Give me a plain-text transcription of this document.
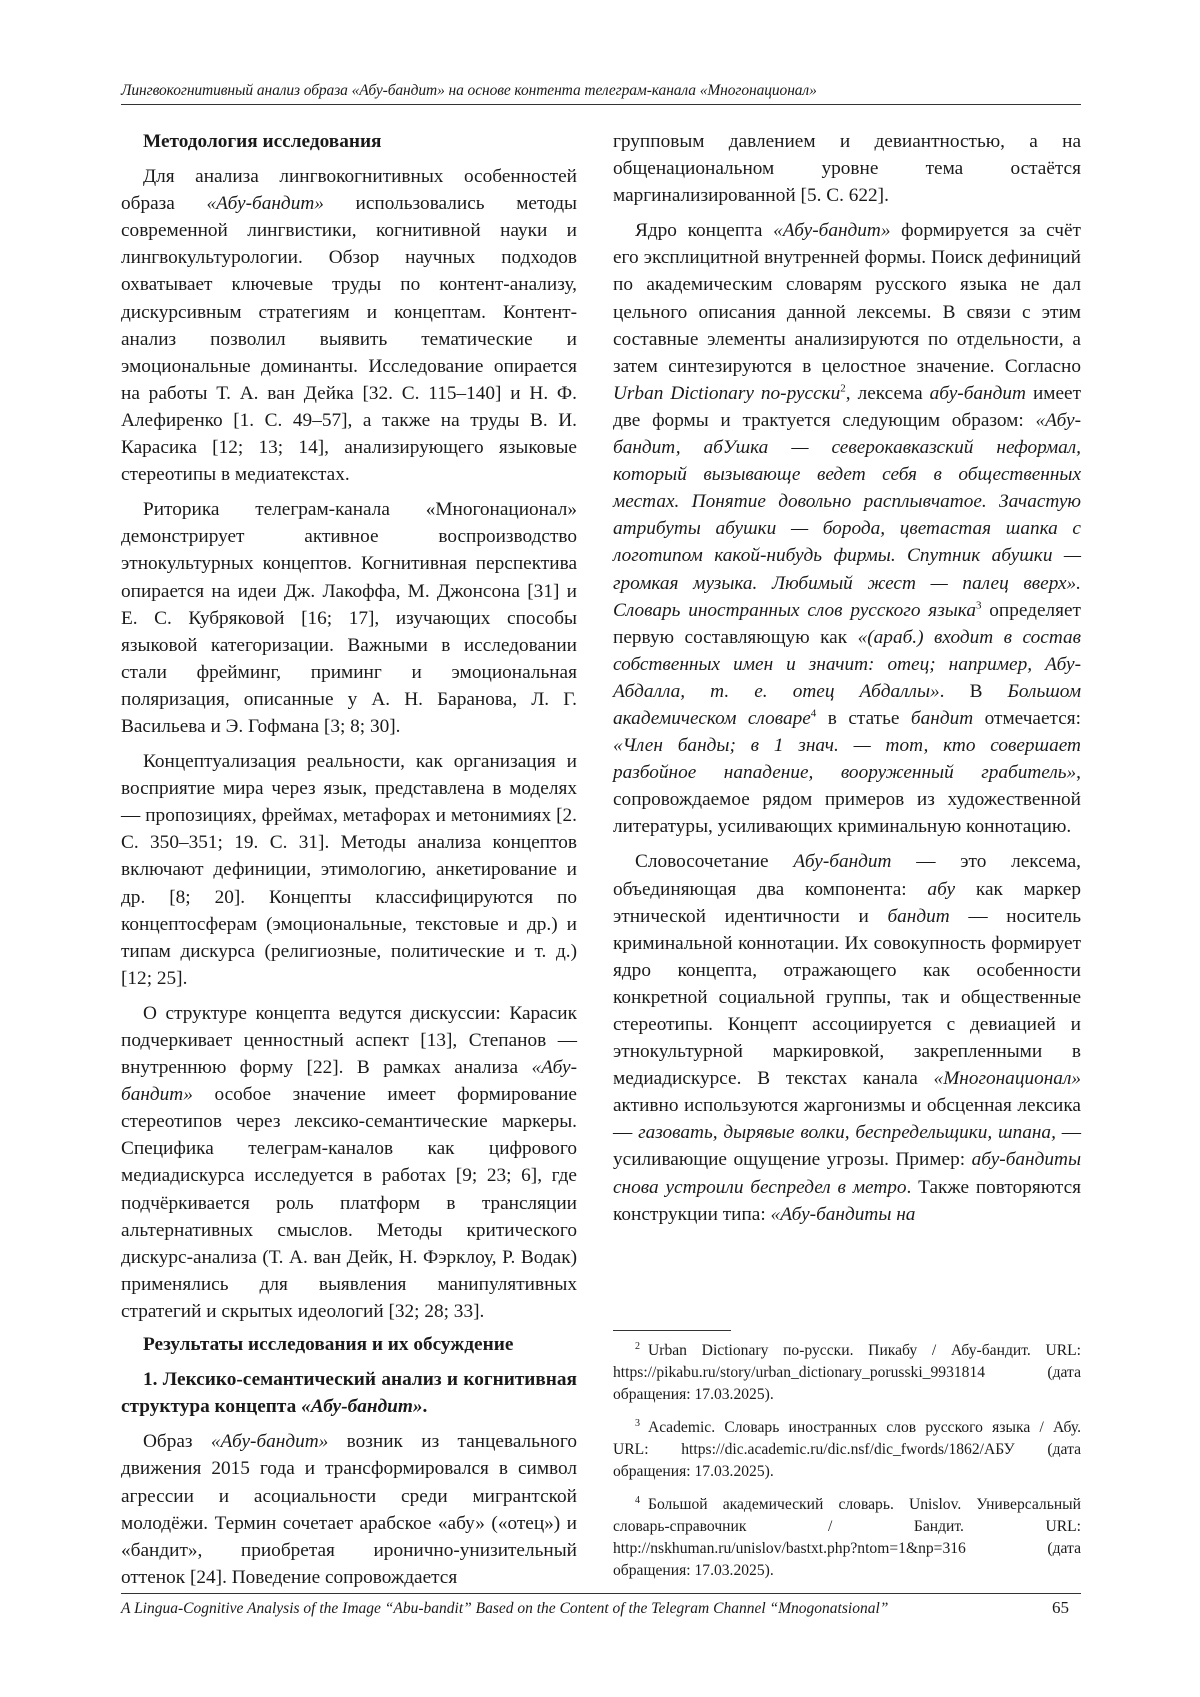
Лингвокогнитивный анализ образа «Абу-бандит» на основе контента телеграм-канала «Многонационал»

Методология исследования

Для анализа лингвокогнитивных особенностей образа «Абу-бандит» использовались методы современной лингвистики, когнитивной науки и лингвокультурологии. Обзор научных подходов охватывает ключевые труды по контент-анализу, дискурсивным стратегиям и концептам. Контент-анализ позволил выявить тематические и эмоциональные доминанты. Исследование опирается на работы Т. А. ван Дейка [32. С. 115–140] и Н. Ф. Алефиренко [1. С. 49–57], а также на труды В. И. Карасика [12; 13; 14], анализирующего языковые стереотипы в медиатекстах.

Риторика телеграм-канала «Многонационал» демонстрирует активное воспроизводство этнокультурных концептов. Когнитивная перспектива опирается на идеи Дж. Лакоффа, М. Джонсона [31] и Е. С. Кубряковой [16; 17], изучающих способы языковой категоризации. Важными в исследовании стали фрейминг, приминг и эмоциональная поляризация, описанные у А. Н. Баранова, Л. Г. Васильева и Э. Гофмана [3; 8; 30].

Концептуализация реальности, как организация и восприятие мира через язык, представлена в моделях — пропозициях, фреймах, метафорах и метонимиях [2. С. 350–351; 19. С. 31]. Методы анализа концептов включают дефиниции, этимологию, анкетирование и др. [8; 20]. Концепты классифицируются по концептосферам (эмоциональные, текстовые и др.) и типам дискурса (религиозные, политические и т. д.) [12; 25].

О структуре концепта ведутся дискуссии: Карасик подчеркивает ценностный аспект [13], Степанов — внутреннюю форму [22]. В рамках анализа «Абу-бандит» особое значение имеет формирование стереотипов через лексико-семантические маркеры. Специфика телеграм-каналов как цифрового медиадискурса исследуется в работах [9; 23; 6], где подчёркивается роль платформ в трансляции альтернативных смыслов. Методы критического дискурс-анализа (Т. А. ван Дейк, Н. Фэрклоу, Р. Водак) применялись для выявления манипулятивных стратегий и скрытых идеологий [32; 28; 33].

Результаты исследования и их обсуждение

1. Лексико-семантический анализ и когнитивная структура концепта «Абу-бандит».

Образ «Абу-бандит» возник из танцевального движения 2015 года и трансформировался в символ агрессии и асоциальности среди мигрантской молодёжи. Термин сочетает арабское «абу» («отец») и «бандит», приобретая иронично-унизительный оттенок [24]. Поведение сопровождается

групповым давлением и девиантностью, а на общенациональном уровне тема остаётся маргинализированной [5. С. 622].

Ядро концепта «Абу-бандит» формируется за счёт его эксплицитной внутренней формы. Поиск дефиниций по академическим словарям русского языка не дал цельного описания данной лексемы. В связи с этим составные элементы анализируются по отдельности, а затем синтезируются в целостное значение. Согласно Urban Dictionary по-русски$^2$, лексема абу-бандит имеет две формы и трактуется следующим образом: «Абу-бандит, абУшка — северокавказский неформал, который вызывающе ведет себя в общественных местах. Понятие довольно расплывчатое. Зачастую атрибуты абушки — борода, цветастая шапка с логотипом какой-нибудь фирмы. Спутник абушки — громкая музыка. Любимый жест — палец вверх». Словарь иностранных слов русского языка$^3$ определяет первую составляющую как «(араб.) входит в состав собственных имен и значит: отец; например, Абу-Абдалла, т. е. отец Абдаллы». В Большом академическом словаре$^4$ в статье бандит отмечается: «Член банды; в 1 знач. — тот, кто совершает разбойное нападение, вооруженный грабитель», сопровождаемое рядом примеров из художественной литературы, усиливающих криминальную коннотацию.

Словосочетание Абу-бандит — это лексема, объединяющая два компонента: абу как маркер этнической идентичности и бандит — носитель криминальной коннотации. Их совокупность формирует ядро концепта, отражающего как особенности конкретной социальной группы, так и общественные стереотипы. Концепт ассоциируется с девиацией и этнокультурной маркировкой, закрепленными в медиадискурсе. В текстах канала «Многонационал» активно используются жаргонизмы и обсценная лексика — газовать, дырявые волки, беспредельщики, шпана, — усиливающие ощущение угрозы. Пример: абу-бандиты снова устроили беспредел в метро. Также повторяются конструкции типа: «Абу-бандиты на

$^2$ Urban Dictionary по-русски. Пикабу / Абу-бандит. URL: https://pikabu.ru/story/urban_dictionary_porusski_9931814 (дата обращения: 17.03.2025).

$^3$ Academic. Словарь иностранных слов русского языка / Абу. URL: https://dic.academic.ru/dic.nsf/dic_fwords/1862/АБУ (дата обращения: 17.03.2025).

$^4$ Большой академический словарь. Unislov. Универсальный словарь-справочник / Бандит. URL: http://nskhuman.ru/unislov/bastxt.php?ntom=1&np=316 (дата обращения: 17.03.2025).

A Lingua-Cognitive Analysis of the Image “Abu-bandit” Based on the Content of the Telegram Channel “Mnogonatsional”	65
